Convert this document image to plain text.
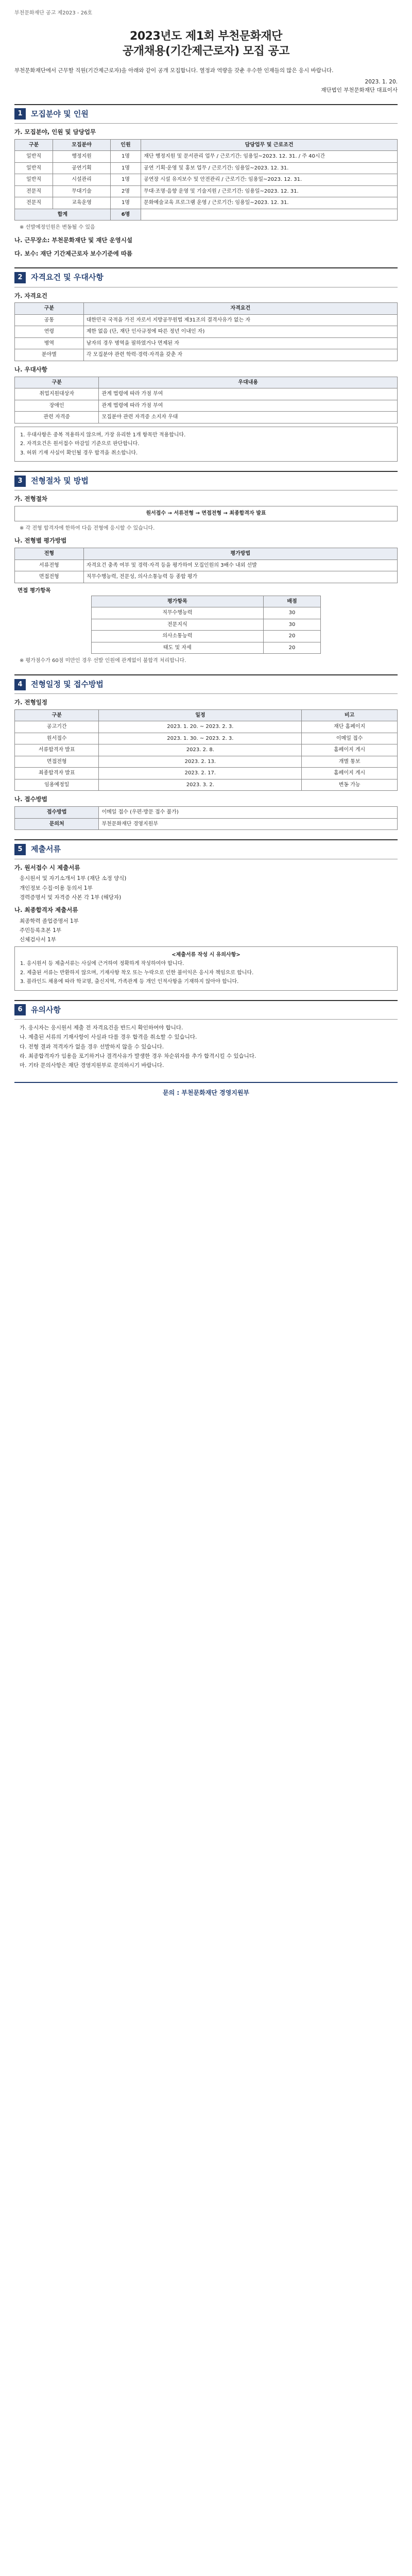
부천문화재단 공고 제2023 - 26호
2023년도 제1회 부천문화재단
공개채용(기간제근로자) 모집 공고

부천문화재단에서 근무할 직원(기간제근로자)을 아래와 같이 공개 모집합니다. 열정과 역량을 갖춘 우수한 인재들의 많은 응시 바랍니다.

2023. 1. 20.
재단법인 부천문화재단 대표이사
1	모집분야 및 인원
가. 모집분야, 인원 및 담당업무
구분	모집분야	인원	담당업무 및 근로조건
일반직	행정지원	1명	재단 행정지원 및 문서관리 업무 / 근로기간: 임용일~2023. 12. 31. / 주 40시간
일반직	공연기획	1명	공연 기획·운영 및 홍보 업무 / 근로기간: 임용일~2023. 12. 31.
일반직	시설관리	1명	공연장 시설 유지보수 및 안전관리 / 근로기간: 임용일~2023. 12. 31.
전문직	무대기술	2명	무대·조명·음향 운영 및 기술지원 / 근로기간: 임용일~2023. 12. 31.
전문직	교육운영	1명	문화예술교육 프로그램 운영 / 근로기간: 임용일~2023. 12. 31.
합계		6명	
※ 선발예정인원은 변동될 수 있음
나. 근무장소: 부천문화재단 및 재단 운영시설
다. 보수: 재단 기간제근로자 보수기준에 따름
2	자격요건 및 우대사항
가. 자격요건
구분	자격요건
공통	대한민국 국적을 가진 자로서 지방공무원법 제31조의 결격사유가 없는 자
연령	제한 없음 (단, 재단 인사규정에 따른 정년 이내인 자)
병역	남자의 경우 병역을 필하였거나 면제된 자
분야별	각 모집분야 관련 학력·경력·자격을 갖춘 자
나. 우대사항
구분	우대내용
취업지원대상자	관계 법령에 따라 가점 부여
장애인	관계 법령에 따라 가점 부여
관련 자격증	모집분야 관련 자격증 소지자 우대

1. 우대사항은 중복 적용하지 않으며, 가장 유리한 1개 항목만 적용합니다.

2. 자격요건은 원서접수 마감일 기준으로 판단합니다.

3. 허위 기재 사실이 확인될 경우 합격을 취소합니다.

3	전형절차 및 방법
가. 전형절차
원서접수 → 서류전형 → 면접전형 → 최종합격자 발표
※ 각 전형 합격자에 한하여 다음 전형에 응시할 수 있습니다.
나. 전형별 평가방법
전형	평가방법
서류전형	자격요건 충족 여부 및 경력·자격 등을 평가하여 모집인원의 3배수 내외 선발
면접전형	직무수행능력, 전문성, 의사소통능력 등 종합 평가
면접 평가항목
평가항목	배점
직무수행능력	30
전문지식	30
의사소통능력	20
태도 및 자세	20
※ 평가점수가 60점 미만인 경우 선발 인원에 관계없이 불합격 처리합니다.
4	전형일정 및 접수방법
가. 전형일정
구분	일정	비고
공고기간	2023. 1. 20. ~ 2023. 2. 3.	재단 홈페이지
원서접수	2023. 1. 30. ~ 2023. 2. 3.	이메일 접수
서류합격자 발표	2023. 2. 8.	홈페이지 게시
면접전형	2023. 2. 13.	개별 통보
최종합격자 발표	2023. 2. 17.	홈페이지 게시
임용예정일	2023. 3. 2.	변동 가능
나. 접수방법
접수방법	이메일 접수 (우편·방문 접수 불가)
문의처	부천문화재단 경영지원부
5	제출서류
가. 원서접수 시 제출서류
응시원서 및 자기소개서 1부 (재단 소정 양식)
개인정보 수집·이용 동의서 1부
경력증명서 및 자격증 사본 각 1부 (해당자)
나. 최종합격자 제출서류
최종학력 졸업증명서 1부
주민등록초본 1부
신체검사서 1부

<제출서류 작성 시 유의사항>

1. 응시원서 등 제출서류는 사실에 근거하여 정확하게 작성하여야 합니다.

2. 제출된 서류는 반환하지 않으며, 기재사항 착오 또는 누락으로 인한 불이익은 응시자 책임으로 합니다.

3. 블라인드 채용에 따라 학교명, 출신지역, 가족관계 등 개인 인적사항을 기재하지 않아야 합니다.

6	유의사항
가. 응시자는 응시원서 제출 전 자격요건을 반드시 확인하여야 합니다.
나. 제출된 서류의 기재사항이 사실과 다를 경우 합격을 취소할 수 있습니다.
다. 전형 결과 적격자가 없을 경우 선발하지 않을 수 있습니다.
라. 최종합격자가 임용을 포기하거나 결격사유가 발생한 경우 차순위자를 추가 합격시킬 수 있습니다.
마. 기타 문의사항은 재단 경영지원부로 문의하시기 바랍니다.
문의 : 부천문화재단 경영지원부
